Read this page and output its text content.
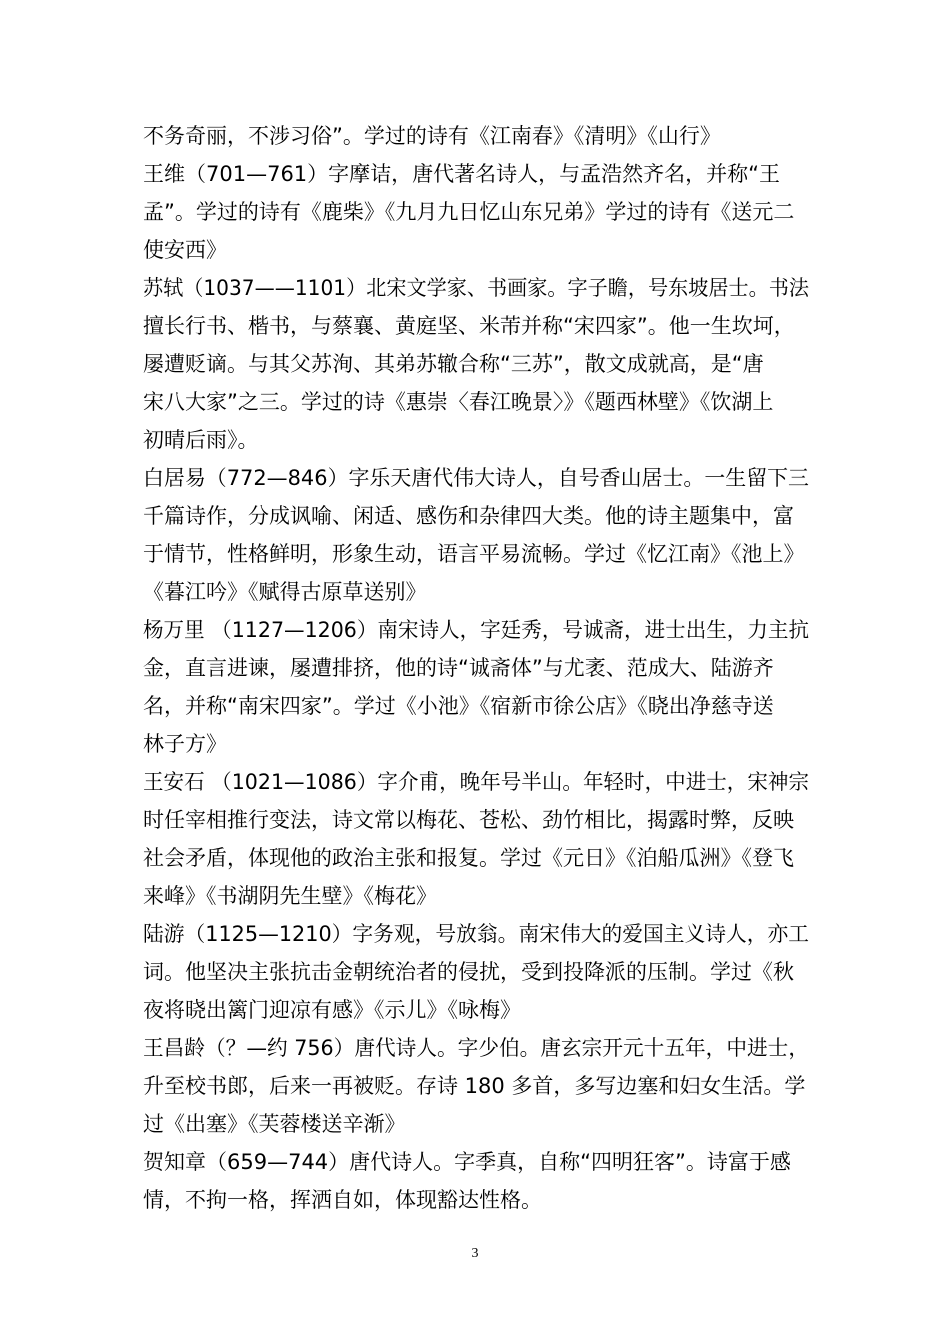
不务奇丽，不涉习俗”。学过的诗有《江南春》《清明》《山行》
王维（701—761）字摩诘，唐代著名诗人，与孟浩然齐名，并称“王
孟”。学过的诗有《鹿柴》《九月九日忆山东兄弟》学过的诗有《送元二
使安西》
苏轼（1037——1101）北宋文学家、书画家。字子瞻，号东坡居士。书法
擅长行书、楷书，与蔡襄、黄庭坚、米芾并称“宋四家”。他一生坎坷，
屡遭贬谪。与其父苏洵、其弟苏辙合称“三苏”，散文成就高，是“唐
宋八大家”之三。学过的诗《惠崇〈春江晚景〉》《题西林壁》《饮湖上
初晴后雨》。
白居易（772—846）字乐天唐代伟大诗人，自号香山居士。一生留下三
千篇诗作，分成讽喻、闲适、感伤和杂律四大类。他的诗主题集中，富
于情节，性格鲜明，形象生动，语言平易流畅。学过《忆江南》《池上》
《暮江吟》《赋得古原草送别》
杨万里 （1127—1206）南宋诗人，字廷秀，号诚斋，进士出生，力主抗
金，直言进谏，屡遭排挤，他的诗“诚斋体”与尤袤、范成大、陆游齐
名，并称“南宋四家”。学过《小池》《宿新市徐公店》《晓出净慈寺送
林子方》
王安石 （1021—1086）字介甫，晚年号半山。年轻时，中进士，宋神宗
时任宰相推行变法，诗文常以梅花、苍松、劲竹相比，揭露时弊，反映
社会矛盾，体现他的政治主张和报复。学过《元日》《泊船瓜洲》《登飞
来峰》《书湖阴先生壁》《梅花》
陆游（1125—1210）字务观，号放翁。南宋伟大的爱国主义诗人，亦工
词。他坚决主张抗击金朝统治者的侵扰，受到投降派的压制。学过《秋
夜将晓出篱门迎凉有感》《示儿》《咏梅》
王昌龄（？—约 756）唐代诗人。字少伯。唐玄宗开元十五年，中进士，
升至校书郎，后来一再被贬。存诗 180 多首，多写边塞和妇女生活。学
过《出塞》《芙蓉楼送辛渐》
贺知章（659—744）唐代诗人。字季真，自称“四明狂客”。诗富于感
情，不拘一格，挥洒自如，体现豁达性格。
3
